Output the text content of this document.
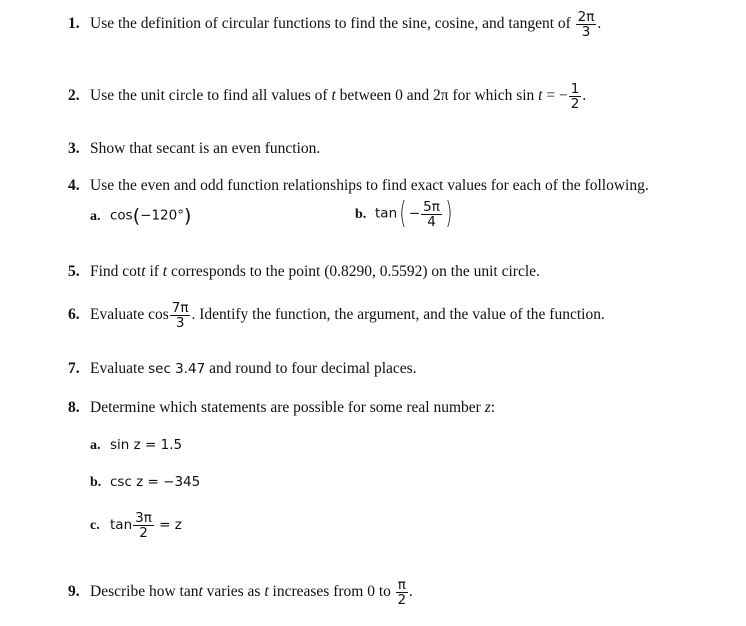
1. Use the definition of circular functions to find the sine, cosine, and tangent of $\frac{2\pi}{3}$ .
2. Use the unit circle to find all values of t between 0 and 2π for which sin t = − $\frac{1}{2}$ .
3. Show that secant is an even function.
4. Use the even and odd function relationships to find exact values for each of the following.
a. cos(−120°)	b. $\tan( - \frac{5\pi}{4}$ )
5. Find cott if t corresponds to the point (0.8290, 0.5592) on the unit circle.
6. Evaluate $\cos \frac{7\pi}{3}$ . Identify the function, the argument, and the value of the function.
7. Evaluate sec 3.47 and round to four decimal places.
8. Determine which statements are possible for some real number z:
a. sin z = 1.5
b. csc z = −345
c. $\tan \frac{3\pi}{2} = z$
9. Describe how tant varies as t increases from 0 to $\frac{\pi}{2}$ .
